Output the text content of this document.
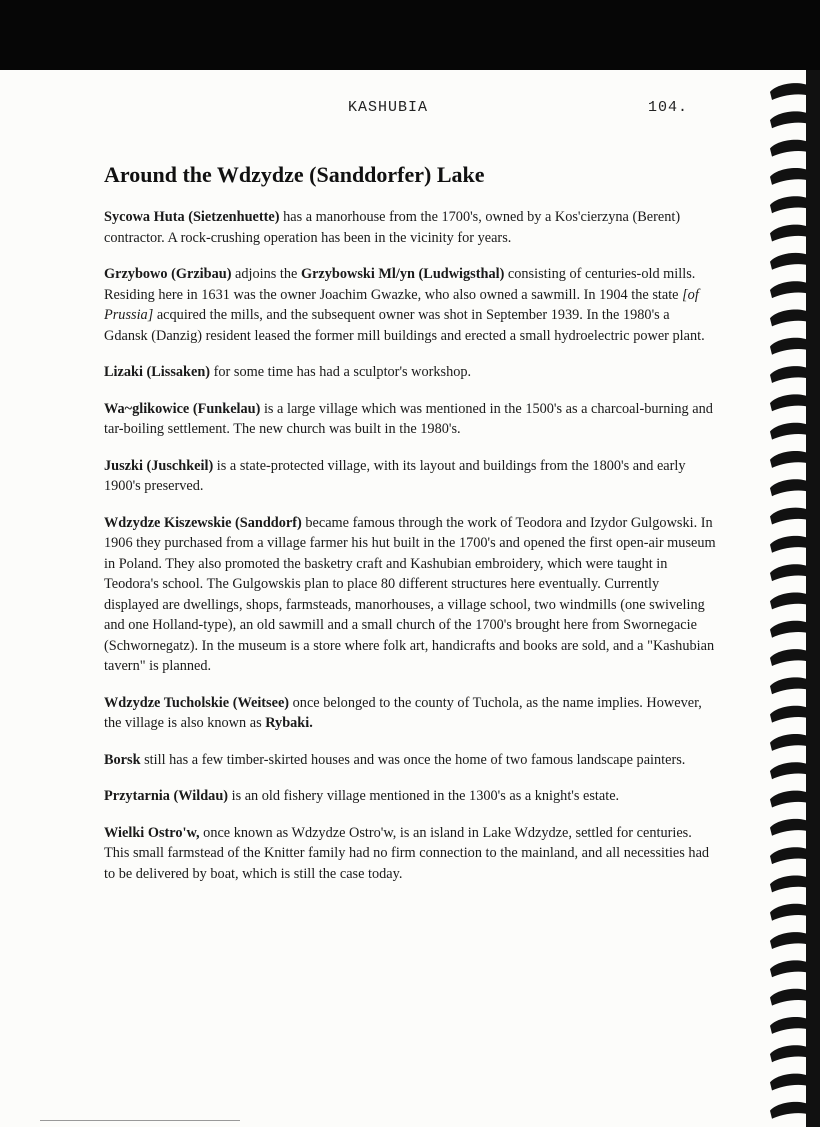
KASHUBIA	104.
Around the Wdzydze (Sanddorfer) Lake

Sycowa Huta (Sietzenhuette) has a manorhouse from the 1700's, owned by a Kos'cierzyna (Berent) contractor. A rock-crushing operation has been in the vicinity for years.

Grzybowo (Grzibau) adjoins the Grzybowski Ml/yn (Ludwigsthal) consisting of centuries-old mills. Residing here in 1631 was the owner Joachim Gwazke, who also owned a sawmill. In 1904 the state [of Prussia] acquired the mills, and the subsequent owner was shot in September 1939. In the 1980's a Gdansk (Danzig) resident leased the former mill buildings and erected a small hydroelectric power plant.

Lizaki (Lissaken) for some time has had a sculptor's workshop.

Wa~glikowice (Funkelau) is a large village which was mentioned in the 1500's as a charcoal-burning and tar-boiling settlement. The new church was built in the 1980's.

Juszki (Juschkeil) is a state-protected village, with its layout and buildings from the 1800's and early 1900's preserved.

Wdzydze Kiszewskie (Sanddorf) became famous through the work of Teodora and Izydor Gulgowski. In 1906 they purchased from a village farmer his hut built in the 1700's and opened the first open-air museum in Poland. They also promoted the basketry craft and Kashubian embroidery, which were taught in Teodora's school. The Gulgowskis plan to place 80 different structures here eventually. Currently displayed are dwellings, shops, farmsteads, manorhouses, a village school, two windmills (one swiveling and one Holland-type), an old sawmill and a small church of the 1700's brought here from Swornegacie (Schwornegatz). In the museum is a store where folk art, handicrafts and books are sold, and a "Kashubian tavern" is planned.

Wdzydze Tucholskie (Weitsee) once belonged to the county of Tuchola, as the name implies. However, the village is also known as Rybaki.

Borsk still has a few timber-skirted houses and was once the home of two famous landscape painters.

Przytarnia (Wildau) is an old fishery village mentioned in the 1300's as a knight's estate.

Wielki Ostro'w, once known as Wdzydze Ostro'w, is an island in Lake Wdzydze, settled for centuries. This small farmstead of the Knitter family had no firm connection to the mainland, and all necessities had to be delivered by boat, which is still the case today.
